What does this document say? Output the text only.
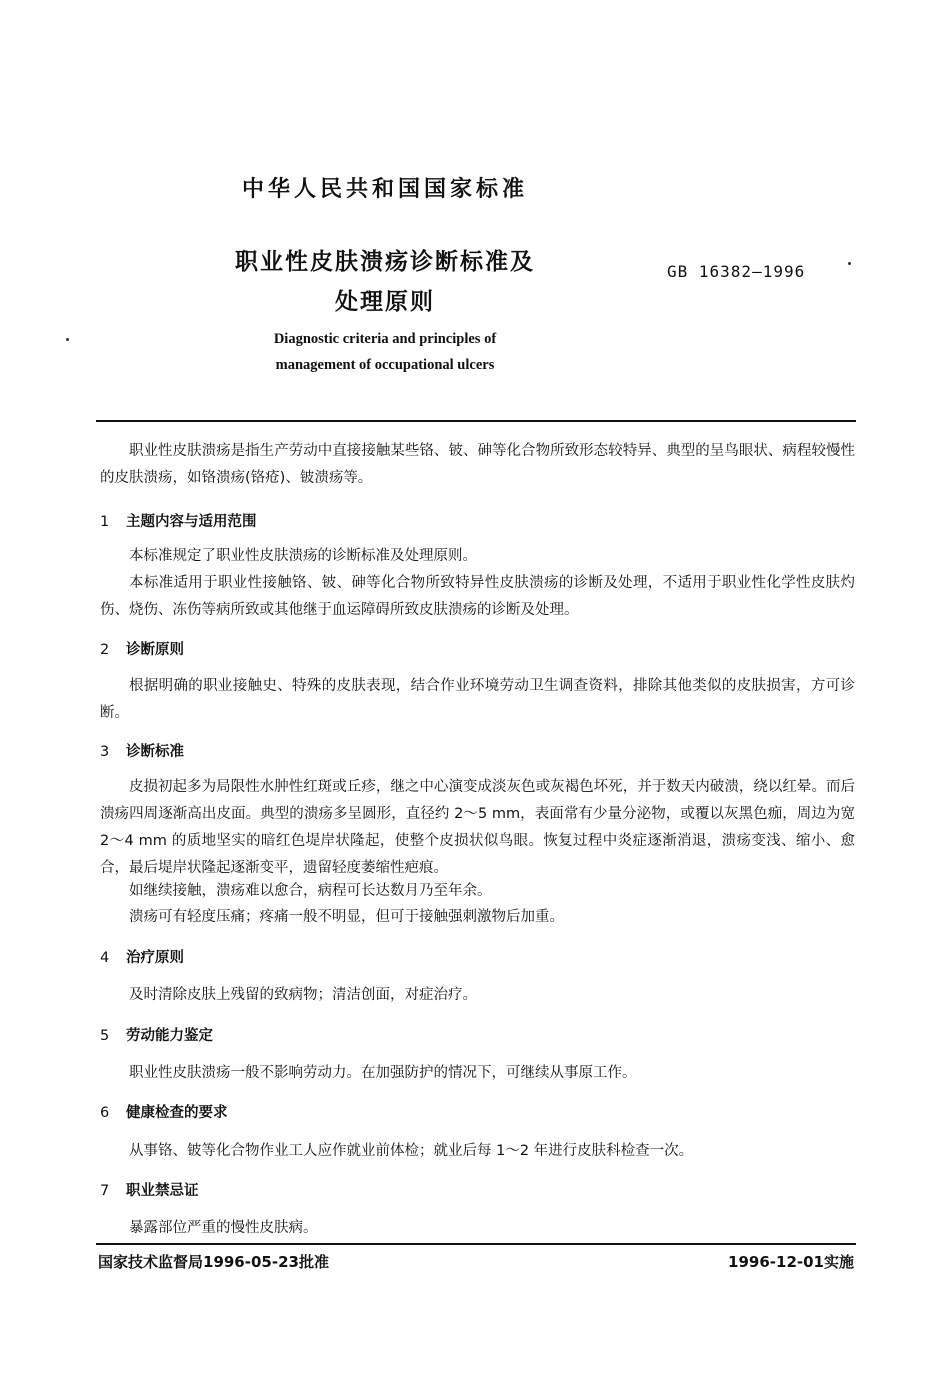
中华人民共和国国家标准
职业性皮肤溃疡诊断标准及
处理原则
GB 16382—1996
Diagnostic criteria and principles of
management of occupational ulcers
职业性皮肤溃疡是指生产劳动中直接接触某些铬、铍、砷等化合物所致形态较特异、典型的呈鸟眼状、病程较慢性的皮肤溃疡，如铬溃疡(铬疮)、铍溃疡等。
1 主题内容与适用范围
本标准规定了职业性皮肤溃疡的诊断标准及处理原则。
本标准适用于职业性接触铬、铍、砷等化合物所致特异性皮肤溃疡的诊断及处理，不适用于职业性化学性皮肤灼伤、烧伤、冻伤等病所致或其他继于血运障碍所致皮肤溃疡的诊断及处理。
2 诊断原则
根据明确的职业接触史、特殊的皮肤表现，结合作业环境劳动卫生调查资料，排除其他类似的皮肤损害，方可诊断。
3 诊断标准
皮损初起多为局限性水肿性红斑或丘疹，继之中心演变成淡灰色或灰褐色坏死，并于数天内破溃，绕以红晕。而后溃疡四周逐渐高出皮面。典型的溃疡多呈圆形，直径约 2～5 mm，表面常有少量分泌物，或覆以灰黑色痂，周边为宽 2～4 mm 的质地坚实的暗红色堤岸状隆起，使整个皮损状似鸟眼。恢复过程中炎症逐渐消退，溃疡变浅、缩小、愈合，最后堤岸状隆起逐渐变平，遗留轻度萎缩性疤痕。
如继续接触，溃疡难以愈合，病程可长达数月乃至年余。
溃疡可有轻度压痛；疼痛一般不明显，但可于接触强刺激物后加重。
4 治疗原则
及时清除皮肤上残留的致病物；清洁创面，对症治疗。
5 劳动能力鉴定
职业性皮肤溃疡一般不影响劳动力。在加强防护的情况下，可继续从事原工作。
6 健康检查的要求
从事铬、铍等化合物作业工人应作就业前体检；就业后每 1～2 年进行皮肤科检查一次。
7 职业禁忌证
暴露部位严重的慢性皮肤病。
国家技术监督局1996-05-23批准	1996-12-01实施
